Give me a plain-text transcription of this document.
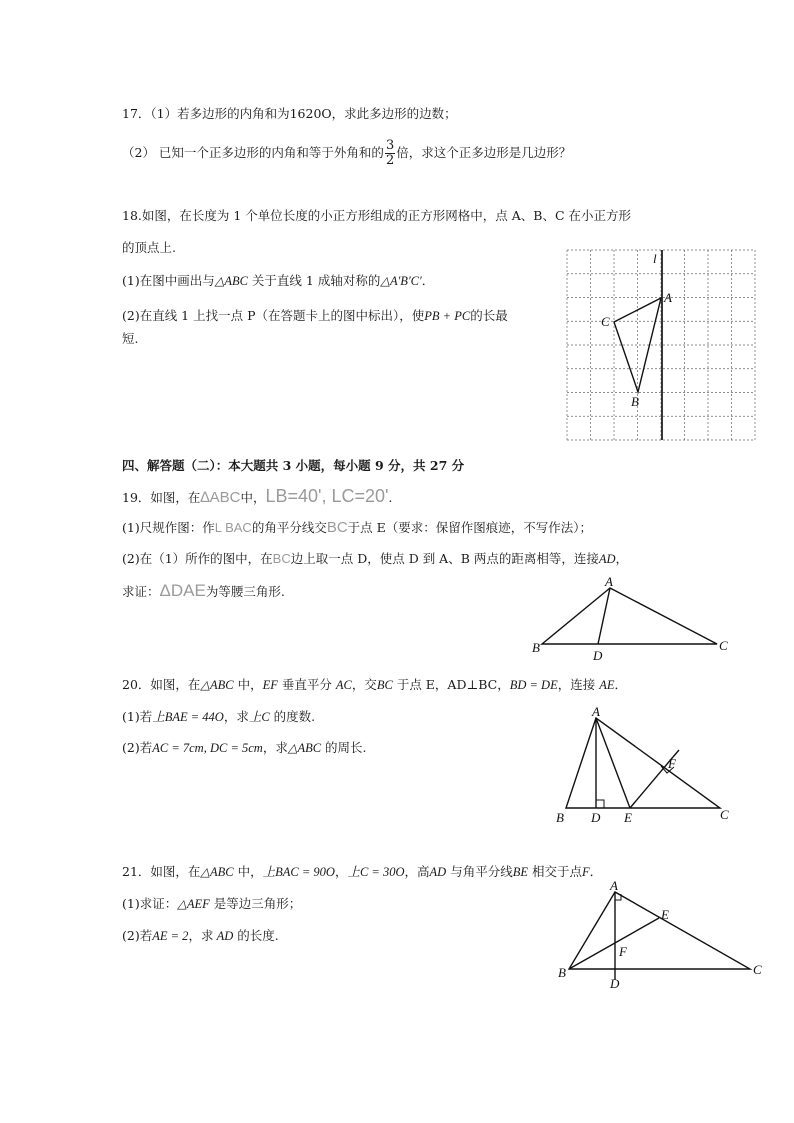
17．（1）若多边形的内角和为1620O，求此多边形的边数；
（2） 已知一个正多边形的内角和等于外角和的 $\frac{3}{2}$ 倍，求这个正多边形是几边形？
18.如图，在长度为 1 个单位长度的小正方形组成的正方形网格中，点 A、B、C 在小正方形
的顶点上.
(1)在图中画出与△ABC 关于直线 1 成轴对称的△A′B′C′．
(2)在直线 1 上找一点 P（在答题卡上的图中标出），使PB + PC的长最
短.
l
A
C
B
四、解答题（二）：本大题共 3 小题，每小题 9 分，共 27 分
19．如图，在∆ABC中，LB=40', LC=20'.
(1)尺规作图：作L BAC的角平分线交BC于点 E（要求：保留作图痕迹，不写作法）；
(2)在（1）所作的图中，在BC边上取一点 D，使点 D 到 A、B 两点的距离相等，连接AD，
求证：ΔDAE为等腰三角形.
A
B	C
D
20．如图，在△ABC 中，EF 垂直平分 AC，交BC 于点 E，AD⊥BC，BD = DE，连接 AE．
(1)若上BAE = 44O，求上C 的度数.
(2)若AC = 7cm, DC = 5cm，求△ABC 的周长.
A
B D E	C
F
21．如图，在△ABC 中，上BAC = 90O，上C = 30O，高AD 与角平分线BE 相交于点F．
(1)求证：△AEF 是等边三角形；
(2)若AE = 2，求 AD 的长度.
A
B	C
E
F
D
